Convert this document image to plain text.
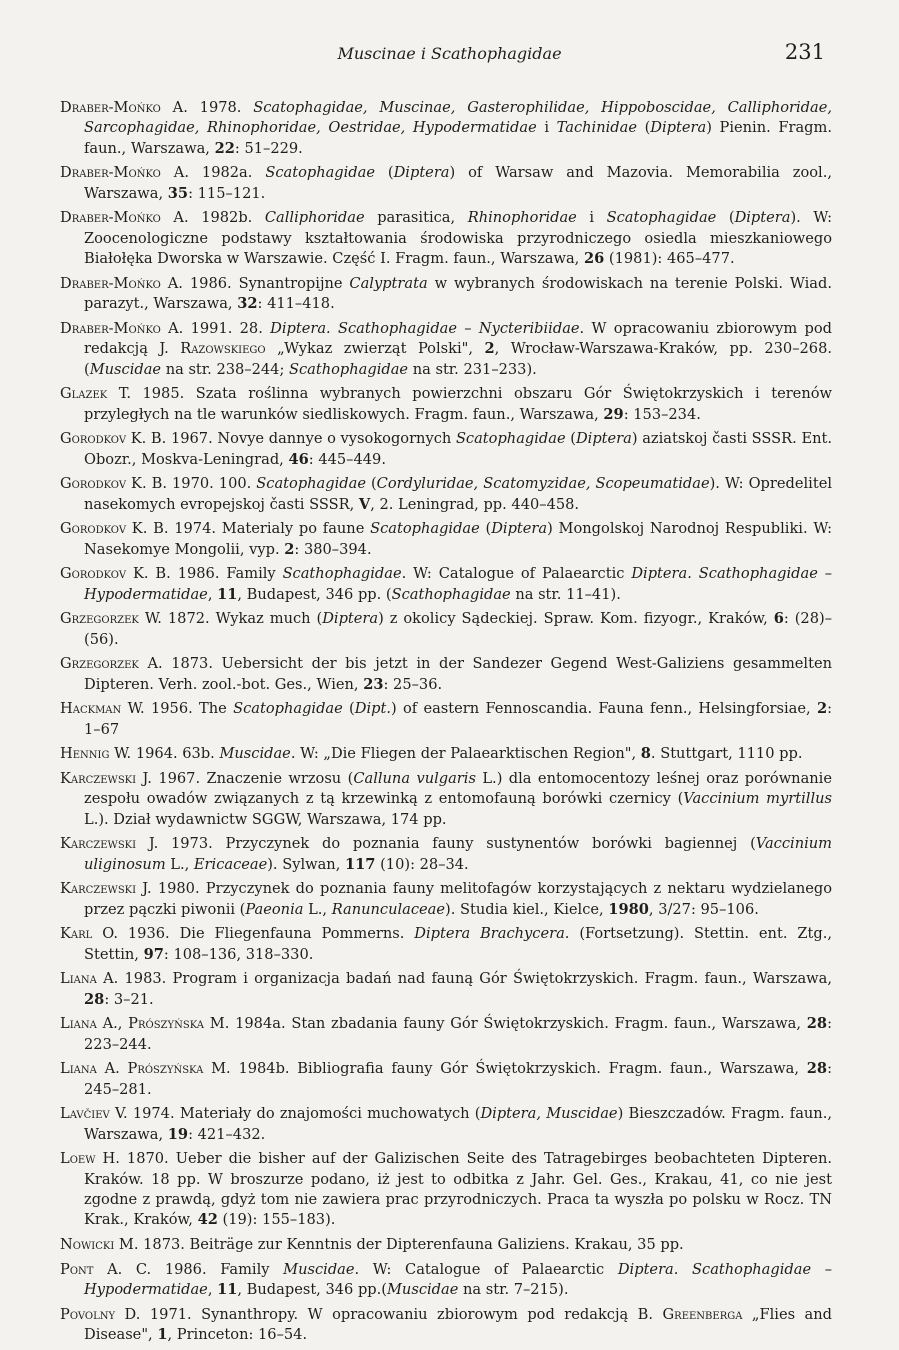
Muscinae i Scathophagidae	231
Draber-Mońko A. 1978. Scatophagidae, Muscinae, Gasterophilidae, Hippoboscidae, Calliphoridae, Sarcophagidae, Rhinophoridae, Oestridae, Hypodermatidae i Tachinidae (Diptera) Pienin. Fragm. faun., Warszawa, 22: 51–229.
Draber-Mońko A. 1982a. Scatophagidae (Diptera) of Warsaw and Mazovia. Memorabilia zool., Warszawa, 35: 115–121.
Draber-Mońko A. 1982b. Calliphoridae parasitica, Rhinophoridae i Scatophagidae (Diptera). W: Zoocenologiczne podstawy kształtowania środowiska przyrodniczego osiedla mieszkaniowego Białołęka Dworska w Warszawie. Część I. Fragm. faun., Warszawa, 26 (1981): 465–477.
Draber-Mońko A. 1986. Synantropijne Calyptrata w wybranych środowiskach na terenie Polski. Wiad. parazyt., Warszawa, 32: 411–418.
Draber-Mońko A. 1991. 28. Diptera. Scathophagidae – Nycteribiidae. W opracowaniu zbiorowym pod redakcją J. Razowskiego „Wykaz zwierząt Polski", 2, Wrocław-Warszawa-Kraków, pp. 230–268. (Muscidae na str. 238–244; Scathophagidae na str. 231–233).
Glazek T. 1985. Szata roślinna wybranych powierzchni obszaru Gór Świętokrzyskich i terenów przyległych na tle warunków siedliskowych. Fragm. faun., Warszawa, 29: 153–234.
Gorodkov K. B. 1967. Novye dannye o vysokogornych Scatophagidae (Diptera) aziatskoj časti SSSR. Ent. Obozr., Moskva-Leningrad, 46: 445–449.
Gorodkov K. B. 1970. 100. Scatophagidae (Cordyluridae, Scatomyzidae, Scopeumatidae). W: Opredelitel nasekomych evropejskoj časti SSSR, V, 2. Leningrad, pp. 440–458.
Gorodkov K. B. 1974. Materialy po faune Scatophagidae (Diptera) Mongolskoj Narodnoj Respubliki. W: Nasekomye Mongolii, vyp. 2: 380–394.
Gorodkov K. B. 1986. Family Scathophagidae. W: Catalogue of Palaearctic Diptera. Scathophagidae – Hypodermatidae, 11, Budapest, 346 pp. (Scathophagidae na str. 11–41).
Grzegorzek W. 1872. Wykaz much (Diptera) z okolicy Sądeckiej. Spraw. Kom. fizyogr., Kraków, 6: (28)–(56).
Grzegorzek A. 1873. Uebersicht der bis jetzt in der Sandezer Gegend West-Galiziens gesammelten Dipteren. Verh. zool.-bot. Ges., Wien, 23: 25–36.
Hackman W. 1956. The Scatophagidae (Dipt.) of eastern Fennoscandia. Fauna fenn., Helsingforsiae, 2: 1–67
Hennig W. 1964. 63b. Muscidae. W: „Die Fliegen der Palaearktischen Region", 8. Stuttgart, 1110 pp.
Karczewski J. 1967. Znaczenie wrzosu (Calluna vulgaris L.) dla entomocentozy leśnej oraz porównanie zespołu owadów związanych z tą krzewinką z entomofauną borówki czernicy (Vaccinium myrtillus L.). Dział wydawnictw SGGW, Warszawa, 174 pp.
Karczewski J. 1973. Przyczynek do poznania fauny sustynentów borówki bagiennej (Vaccinium uliginosum L., Ericaceae). Sylwan, 117 (10): 28–34.
Karczewski J. 1980. Przyczynek do poznania fauny melitofagów korzystających z nektaru wydzielanego przez pączki piwonii (Paeonia L., Ranunculaceae). Studia kiel., Kielce, 1980, 3/27: 95–106.
Karl O. 1936. Die Fliegenfauna Pommerns. Diptera Brachycera. (Fortsetzung). Stettin. ent. Ztg., Stettin, 97: 108–136, 318–330.
Liana A. 1983. Program i organizacja badań nad fauną Gór Świętokrzyskich. Fragm. faun., Warszawa, 28: 3–21.
Liana A., Prószyńska M. 1984a. Stan zbadania fauny Gór Świętokrzyskich. Fragm. faun., Warszawa, 28: 223–244.
Liana A. Prószyńska M. 1984b. Bibliografia fauny Gór Świętokrzyskich. Fragm. faun., Warszawa, 28: 245–281.
Lavčiev V. 1974. Materiały do znajomości muchowatych (Diptera, Muscidae) Bieszczadów. Fragm. faun., Warszawa, 19: 421–432.
Loew H. 1870. Ueber die bisher auf der Galizischen Seite des Tatragebirges beobachteten Dipteren. Kraków. 18 pp. W broszurze podano, iż jest to odbitka z Jahr. Gel. Ges., Krakau, 41, co nie jest zgodne z prawdą, gdyż tom nie zawiera prac przyrodniczych. Praca ta wyszła po polsku w Rocz. TN Krak., Kraków, 42 (19): 155–183).
Nowicki M. 1873. Beiträge zur Kenntnis der Dipterenfauna Galiziens. Krakau, 35 pp.
Pont A. C. 1986. Family Muscidae. W: Catalogue of Palaearctic Diptera. Scathophagidae – Hypodermatidae, 11, Budapest, 346 pp.(Muscidae na str. 7–215).
Povolny D. 1971. Synanthropy. W opracowaniu zbiorowym pod redakcją B. Greenberga „Flies and Disease", 1, Princeton: 16–54.
